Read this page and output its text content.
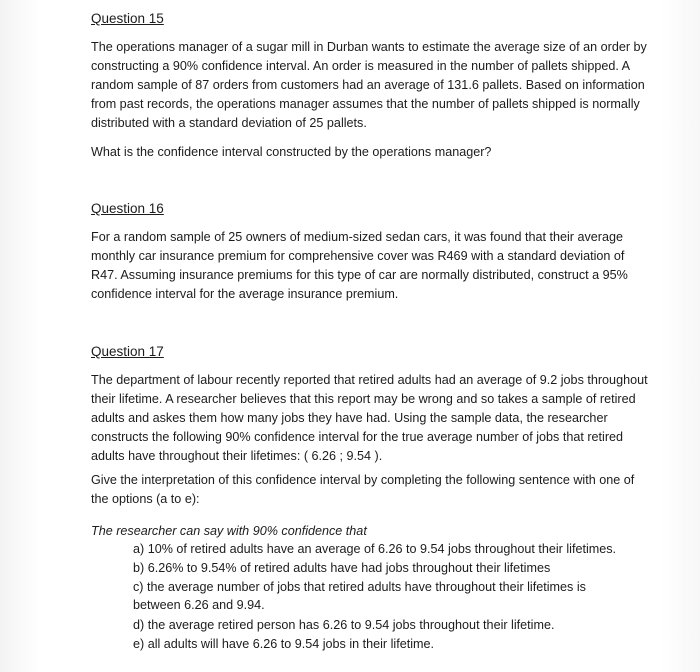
Question 15

The operations manager of a sugar mill in Durban wants to estimate the average size of an order by constructing a 90% confidence interval. An order is measured in the number of pallets shipped. A random sample of 87 orders from customers had an average of 131.6 pallets. Based on information from past records, the operations manager assumes that the number of pallets shipped is normally distributed with a standard deviation of 25 pallets.

What is the confidence interval constructed by the operations manager?

Question 16

For a random sample of 25 owners of medium-sized sedan cars, it was found that their average monthly car insurance premium for comprehensive cover was R469 with a standard deviation of R47. Assuming insurance premiums for this type of car are normally distributed, construct a 95% confidence interval for the average insurance premium.

Question 17

The department of labour recently reported that retired adults had an average of 9.2 jobs throughout their lifetime. A researcher believes that this report may be wrong and so takes a sample of retired adults and askes them how many jobs they have had. Using the sample data, the researcher constructs the following 90% confidence interval for the true average number of jobs that retired adults have throughout their lifetimes: ( 6.26 ; 9.54 ).

Give the interpretation of this confidence interval by completing the following sentence with one of the options (a to e):

The researcher can say with 90% confidence that

a) 10% of retired adults have an average of 6.26 to 9.54 jobs throughout their lifetimes.

b) 6.26% to 9.54% of retired adults have had jobs throughout their lifetimes

c) the average number of jobs that retired adults have throughout their lifetimes is between 6.26 and 9.94.

d) the average retired person has 6.26 to 9.54 jobs throughout their lifetime.

e) all adults will have 6.26 to 9.54 jobs in their lifetime.
